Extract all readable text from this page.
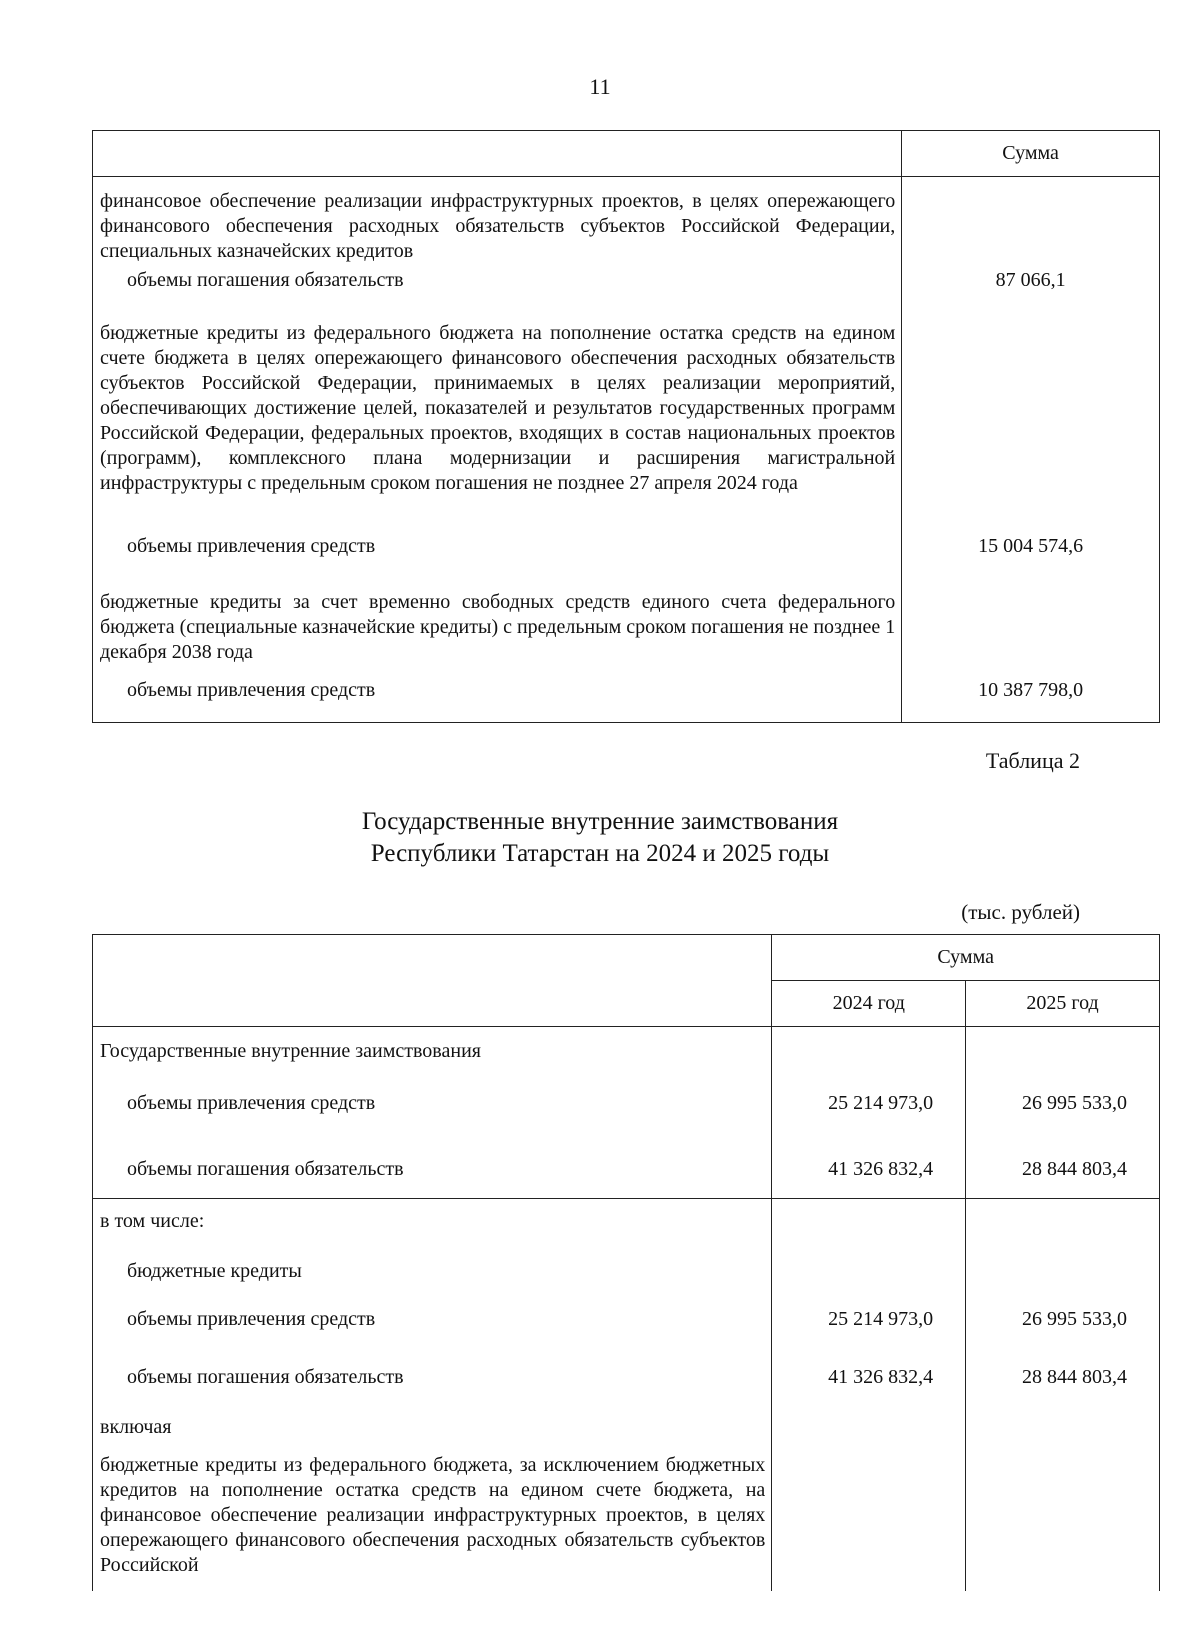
11
	Сумма
финансовое обеспечение реализации инфраструктурных проектов, в целях опережающего финансового обеспечения расходных обязательств субъектов Российской Федерации, специальных казначейских кредитов	
объемы погашения обязательств	87 066,1
бюджетные кредиты из федерального бюджета на пополнение остатка средств на едином счете бюджета в целях опережающего финансового обеспечения расходных обязательств субъектов Российской Федерации, принимаемых в целях реализации мероприятий, обеспечивающих достижение целей, показателей и результатов государственных программ Российской Федерации, федеральных проектов, входящих в состав национальных проектов (программ), комплексного плана модернизации и расширения магистральной инфраструктуры с предельным сроком погашения не позднее 27 апреля 2024 года	
объемы привлечения средств	15 004 574,6
бюджетные кредиты за счет временно свободных средств единого счета федерального бюджета (специальные казначейские кредиты) с предельным сроком погашения не позднее 1 декабря 2038 года	
объемы привлечения средств	10 387 798,0
Таблица 2
Государственные внутренние заимствования
Республики Татарстан на 2024 и 2025 годы
(тыс. рублей)
	Сумма	
	2024 год	2025 год
Государственные внутренние заимствования		
объемы привлечения средств	25 214 973,0	26 995 533,0
объемы погашения обязательств	41 326 832,4	28 844 803,4
в том числе:		
бюджетные кредиты		
объемы привлечения средств	25 214 973,0	26 995 533,0
объемы погашения обязательств	41 326 832,4	28 844 803,4
включая		
бюджетные кредиты из федерального бюджета, за исключением бюджетных кредитов на пополнение остатка средств на едином счете бюджета, на финансовое обеспечение реализации инфраструктурных проектов, в целях опережающего финансового обеспечения расходных обязательств субъектов Российской		
